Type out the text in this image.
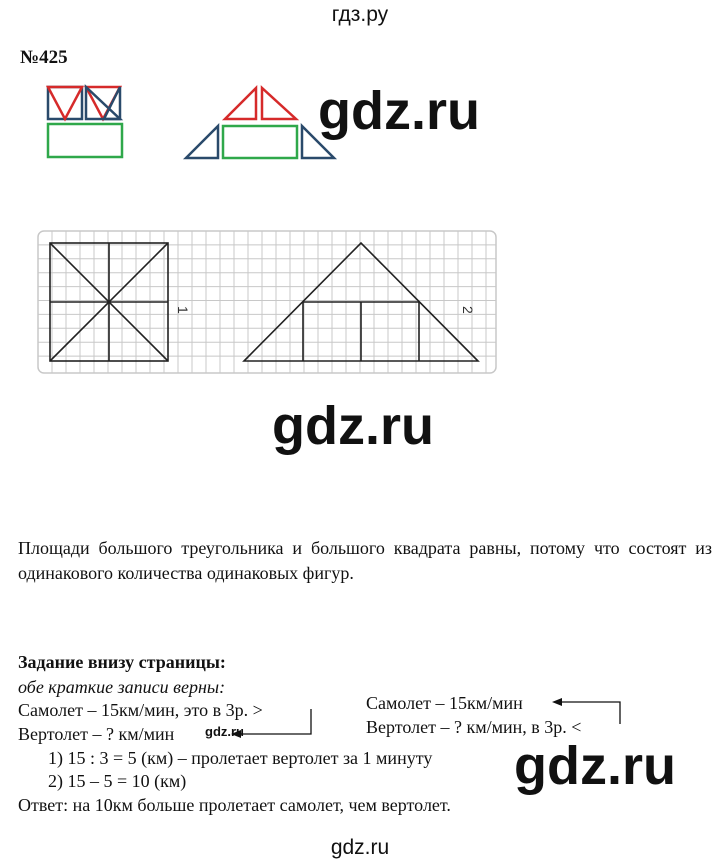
гдз.ру
№425
1	2
gdz.ru
gdz.ru
Площади большого треугольника и большого квадрата равны, потому что состоят из одинакового количества одинаковых фигур.
Задание внизу страницы:
обе краткие записи верны:
Самолет – 15км/мин, это в 3р. >
Вертолет – ? км/мин
Самолет – 15км/мин
Вертолет – ? км/мин, в 3р. <
gdz.ru
1) 15 : 3 = 5 (км) – пролетает вертолет за 1 минуту
2) 15 – 5 = 10 (км)
Ответ: на 10км больше пролетает самолет, чем вертолет.
gdz.ru
gdz.ru
